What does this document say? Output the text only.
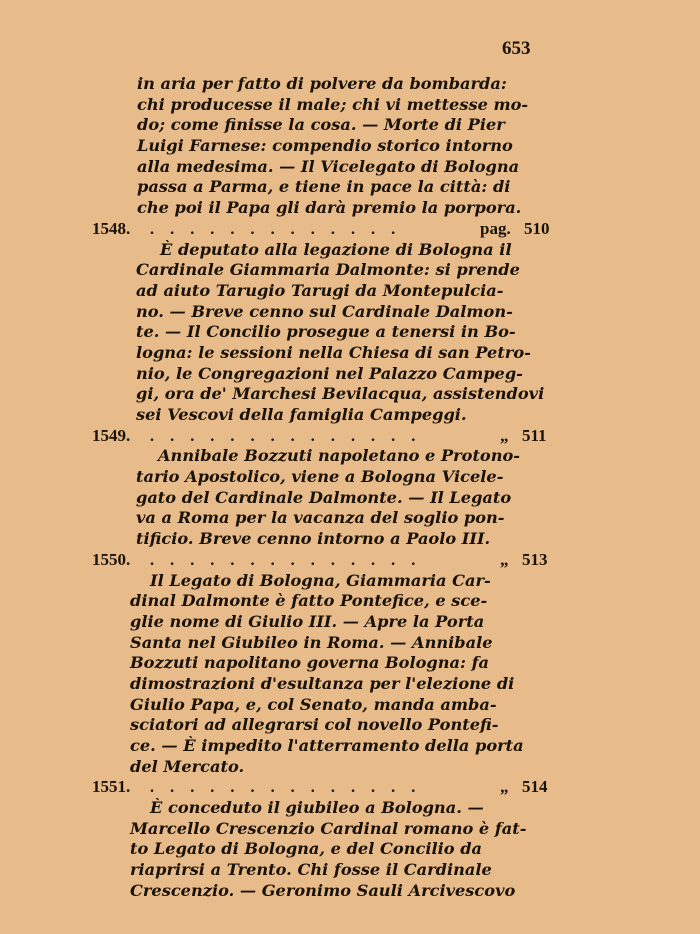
653
in aria per fatto di polvere da bombarda:
chi producesse il male; chi vi mettesse mo-
do; come finisse la cosa. — Morte di Pier
Luigi Farnese: compendio storico intorno
alla medesima. — Il Vicelegato di Bologna
passa a Parma, e tiene in pace la città: di
che poi il Papa gli darà premio la porpora.
1548. . . . . . . . . . . . . .	pag. 510
È deputato alla legazione di Bologna il
Cardinale Giammaria Dalmonte: si prende
ad aiuto Tarugio Tarugi da Montepulcia-
no. — Breve cenno sul Cardinale Dalmon-
te. — Il Concilio prosegue a tenersi in Bo-
logna: le sessioni nella Chiesa di san Petro-
nio, le Congregazioni nel Palazzo Campeg-
gi, ora de' Marchesi Bevilacqua, assistendovi
sei Vescovi della famiglia Campeggi.
1549. . . . . . . . . . . . . . .	„ 511
Annibale Bozzuti napoletano e Protono-
tario Apostolico, viene a Bologna Vicele-
gato del Cardinale Dalmonte. — Il Legato
va a Roma per la vacanza del soglio pon-
tificio. Breve cenno intorno a Paolo III.
1550. . . . . . . . . . . . . . .	„ 513
Il Legato di Bologna, Giammaria Car-
dinal Dalmonte è fatto Pontefice, e sce-
glie nome di Giulio III. — Apre la Porta
Santa nel Giubileo in Roma. — Annibale
Bozzuti napolitano governa Bologna: fa
dimostrazioni d'esultanza per l'elezione di
Giulio Papa, e, col Senato, manda amba-
sciatori ad allegrarsi col novello Pontefi-
ce. — È impedito l'atterramento della porta
del Mercato.
1551. . . . . . . . . . . . . . .	„ 514
È conceduto il giubileo a Bologna. —
Marcello Crescenzio Cardinal romano è fat-
to Legato di Bologna, e del Concilio da
riaprirsi a Trento. Chi fosse il Cardinale
Crescenzio. — Geronimo Sauli Arcivescovo
